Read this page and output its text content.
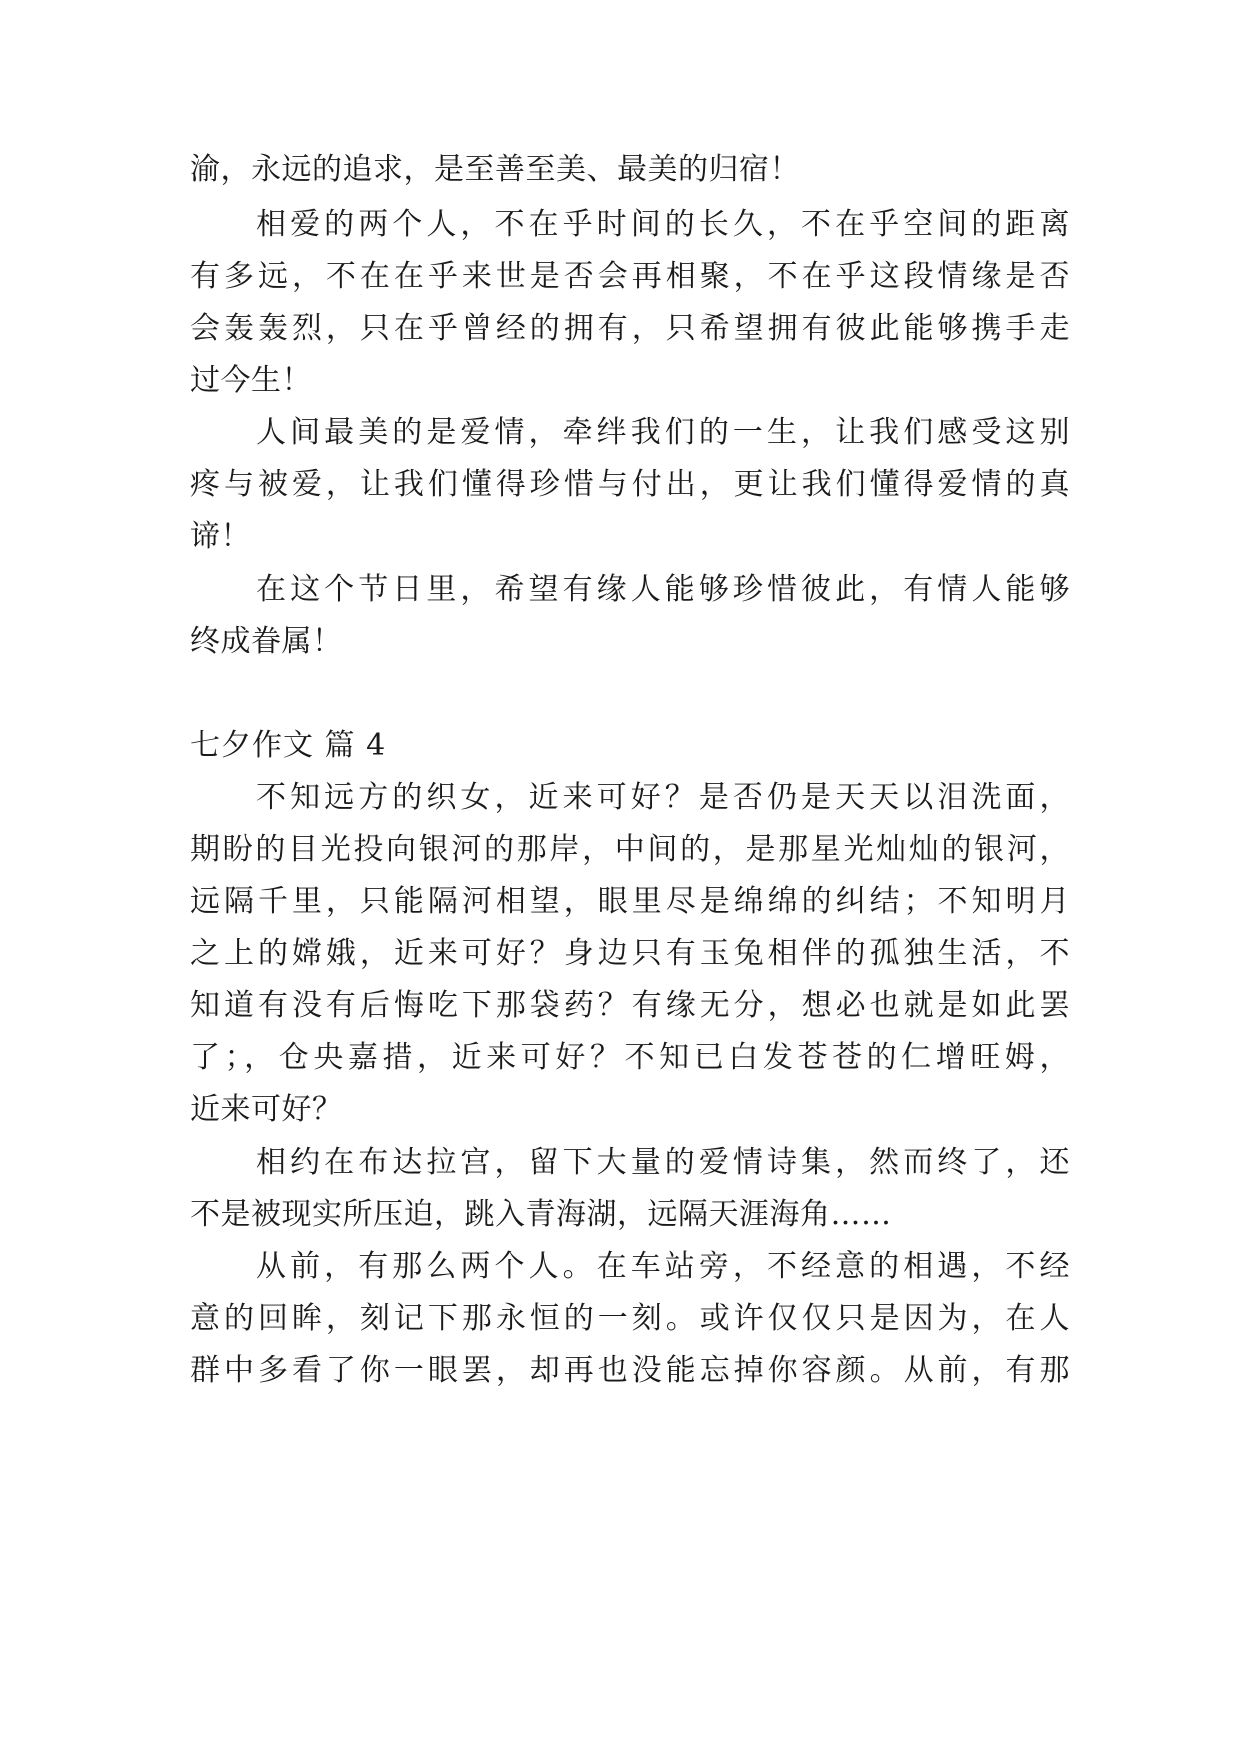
渝，永远的追求，是至善至美、最美的归宿！
相爱的两个人，不在乎时间的长久，不在乎空间的距离
有多远，不在在乎来世是否会再相聚，不在乎这段情缘是否
会轰轰烈，只在乎曾经的拥有，只希望拥有彼此能够携手走
过今生！
人间最美的是爱情，牵绊我们的一生，让我们感受这别
疼与被爱，让我们懂得珍惜与付出，更让我们懂得爱情的真
谛！
在这个节日里，希望有缘人能够珍惜彼此，有情人能够
终成眷属！
七夕作文 篇 4
不知远方的织女，近来可好？是否仍是天天以泪洗面，
期盼的目光投向银河的那岸，中间的，是那星光灿灿的银河，
远隔千里，只能隔河相望，眼里尽是绵绵的纠结；不知明月
之上的嫦娥，近来可好？身边只有玉兔相伴的孤独生活，不
知道有没有后悔吃下那袋药？有缘无分，想必也就是如此罢
了；，仓央嘉措，近来可好？不知已白发苍苍的仁增旺姆，
近来可好？
相约在布达拉宫，留下大量的爱情诗集，然而终了，还
不是被现实所压迫，跳入青海湖，远隔天涯海角……
从前，有那么两个人。在车站旁，不经意的相遇，不经
意的回眸，刻记下那永恒的一刻。或许仅仅只是因为，在人
群中多看了你一眼罢，却再也没能忘掉你容颜。从前，有那
